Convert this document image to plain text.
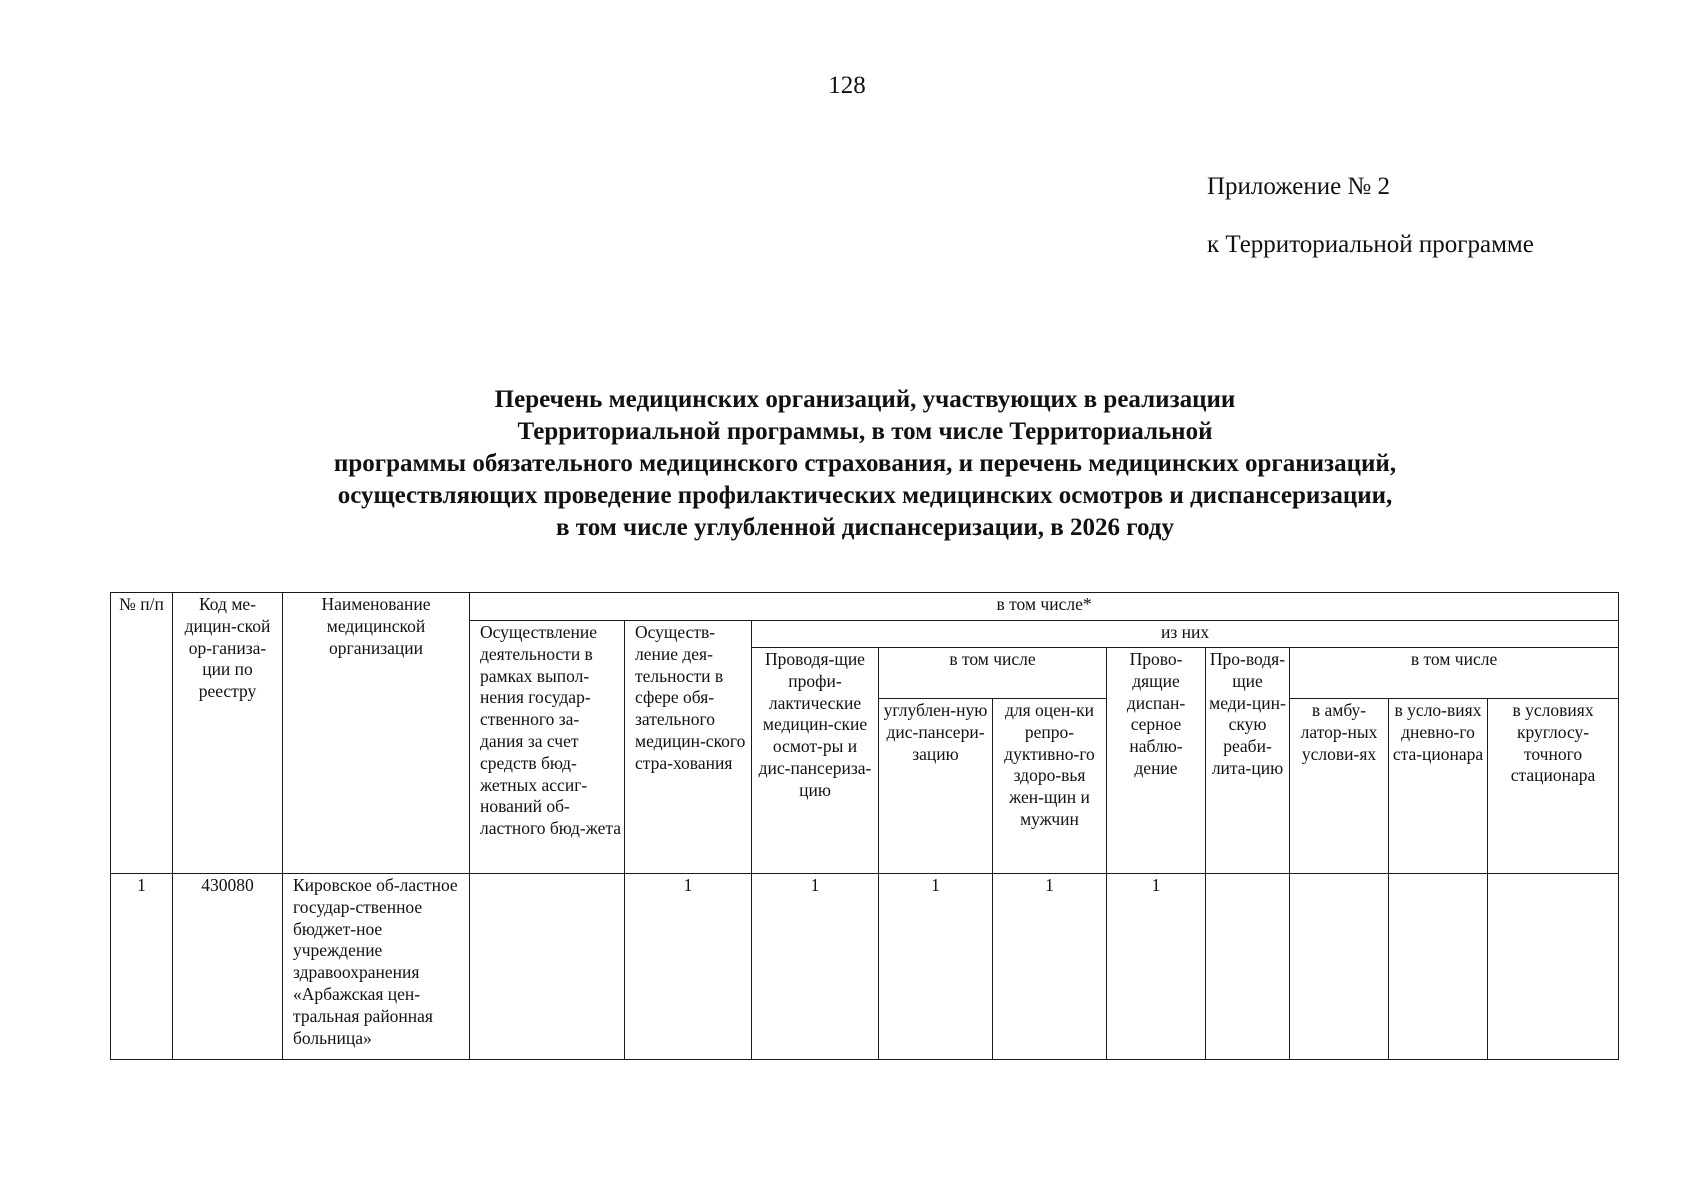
128
Приложение № 2
к Территориальной программе
Перечень медицинских организаций, участвующих в реализации
Территориальной программы, в том числе Территориальной
программы обязательного медицинского страхования, и перечень медицинских организаций,
осуществляющих проведение профилактических медицинских осмотров и диспансеризации,
в том числе углубленной диспансеризации, в 2026 году
№ п/п	Код ме-дицин-ской ор-ганиза-ции по реестру	Наименование медицинской организации	в том числе*									
			Осуществление деятельности в рамках выпол-нения государ-ственного за-дания за счет средств бюд-жетных ассиг-нований об-ластного бюд-жета	Осуществ-ление дея-тельности в сфере обя-зательного медицин-ского стра-хования	из них							
					Проводя-щие профи-лактические медицин-ские осмот-ры и дис-пансериза-цию	в том числе		Прово-дящие диспан-серное наблю-дение	Про-водя-щие меди-цин-скую реаби-лита-цию	в том числе		
						углублен-ную дис-пансери-зацию	для оцен-ки репро-дуктивно-го здоро-вья жен-щин и мужчин			в амбу-латор-ных услови-ях	в усло-виях дневно-го ста-ционара	в условиях круглосу-точного стационара
1	430080	Кировское об-ластное государ-ственное бюджет-ное учреждение здравоохранения «Арбажская цен-тральная районная больница»		1	1	1	1	1				
